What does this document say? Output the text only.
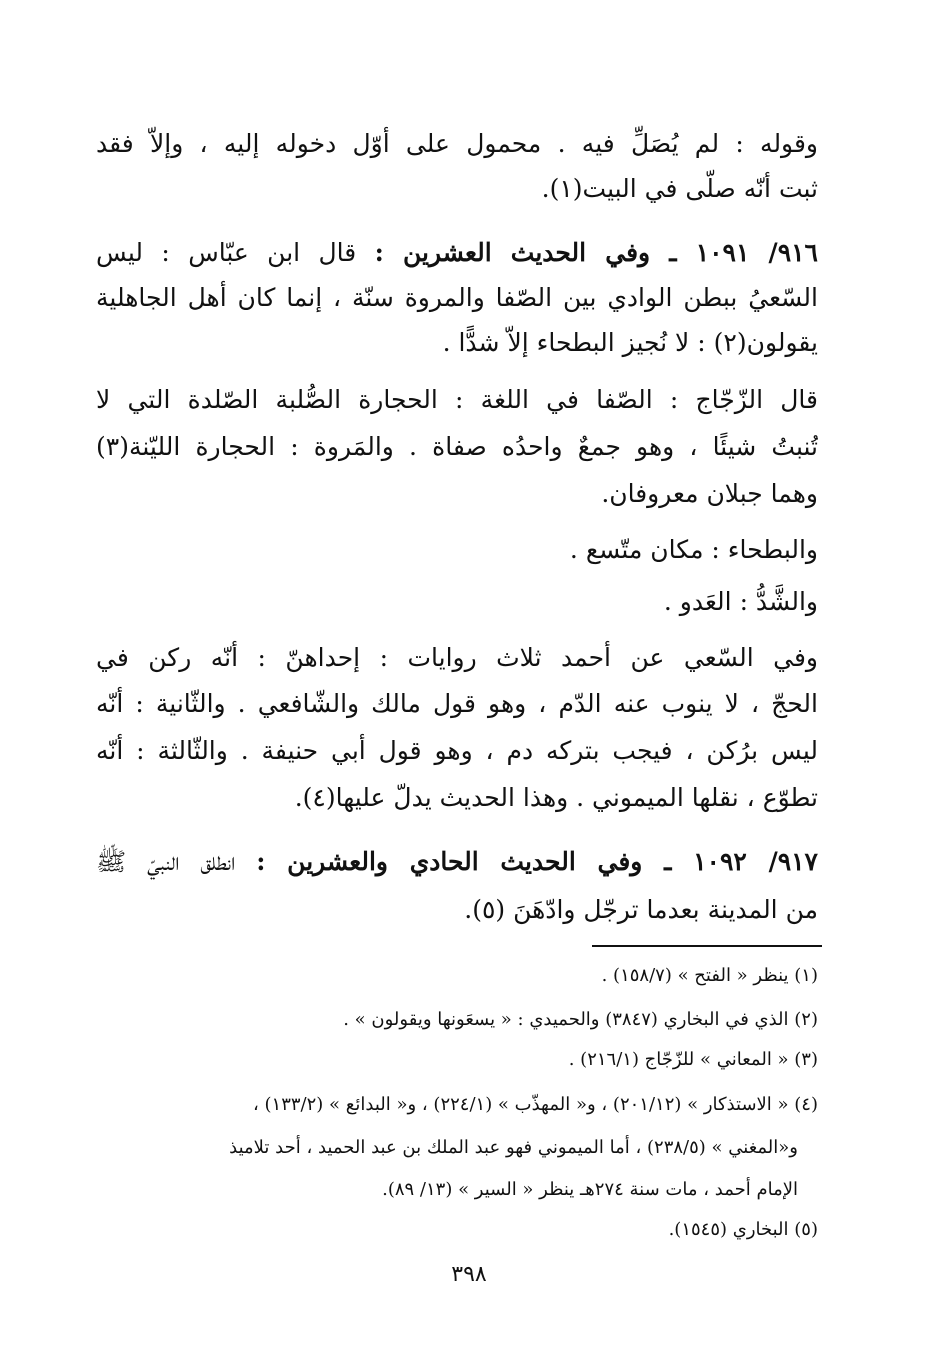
وقوله : لم يُصَلِّ فيه . محمول على أوّل دخوله إليه ، وإلاّ فقد
ثبت أنّه صلّى في البيت(١).
٩١٦/ ١٠٩١ ـ وفي الحديث العشرين : قال ابن عبّاس : ليس
السّعيُ ببطن الوادي بين الصّفا والمروة سنّة ، إنما كان أهل الجاهلية
يقولون(٢) : لا نُجيز البطحاء إلاّ شدًّا .
قال الزّجّاج : الصّفا في اللغة : الحجارة الصُّلبة الصّلدة التي لا
تُنبتُ شيئًا ، وهو جمعٌ واحدُه صفاة . والمَروة : الحجارة الليّنة(٣)
وهما جبلان معروفان.
والبطحاء : مكان متّسع .
والشَّدُّ : العَدو .
وفي السّعي عن أحمد ثلاث روايات : إحداهنّ : أنّه ركن في
الحجّ ، لا ينوب عنه الدّم ، وهو قول مالك والشّافعي . والثّانية : أنّه
ليس برُكن ، فيجب بتركه دم ، وهو قول أبي حنيفة . والثّالثة : أنّه
تطوّع ، نقلها الميموني . وهذا الحديث يدلّ عليها(٤).
٩١٧/ ١٠٩٢ ـ وفي الحديث الحادي والعشرين : انطلق النبيّ ﷺ
من المدينة بعدما ترجّل وادّهَنَ (٥).
(١) ينظر « الفتح » (١٥٨/٧) .
(٢) الذي في البخاري (٣٨٤٧) والحميدي : « يسعَونها ويقولون » .
(٣) « المعاني » للزّجّاج (٢١٦/١) .
(٤) « الاستذكار » (٢٠١/١٢) ، و« المهذّب » (٢٢٤/١) ، و« البدائع » (١٣٣/٢) ،
و«المغني » (٢٣٨/٥) ، أما الميموني فهو عبد الملك بن عبد الحميد ، أحد تلاميذ
الإمام أحمد ، مات سنة ٢٧٤هـ ينظر « السير » (١٣/ ٨٩).
(٥) البخاري (١٥٤٥).
٣٩٨
